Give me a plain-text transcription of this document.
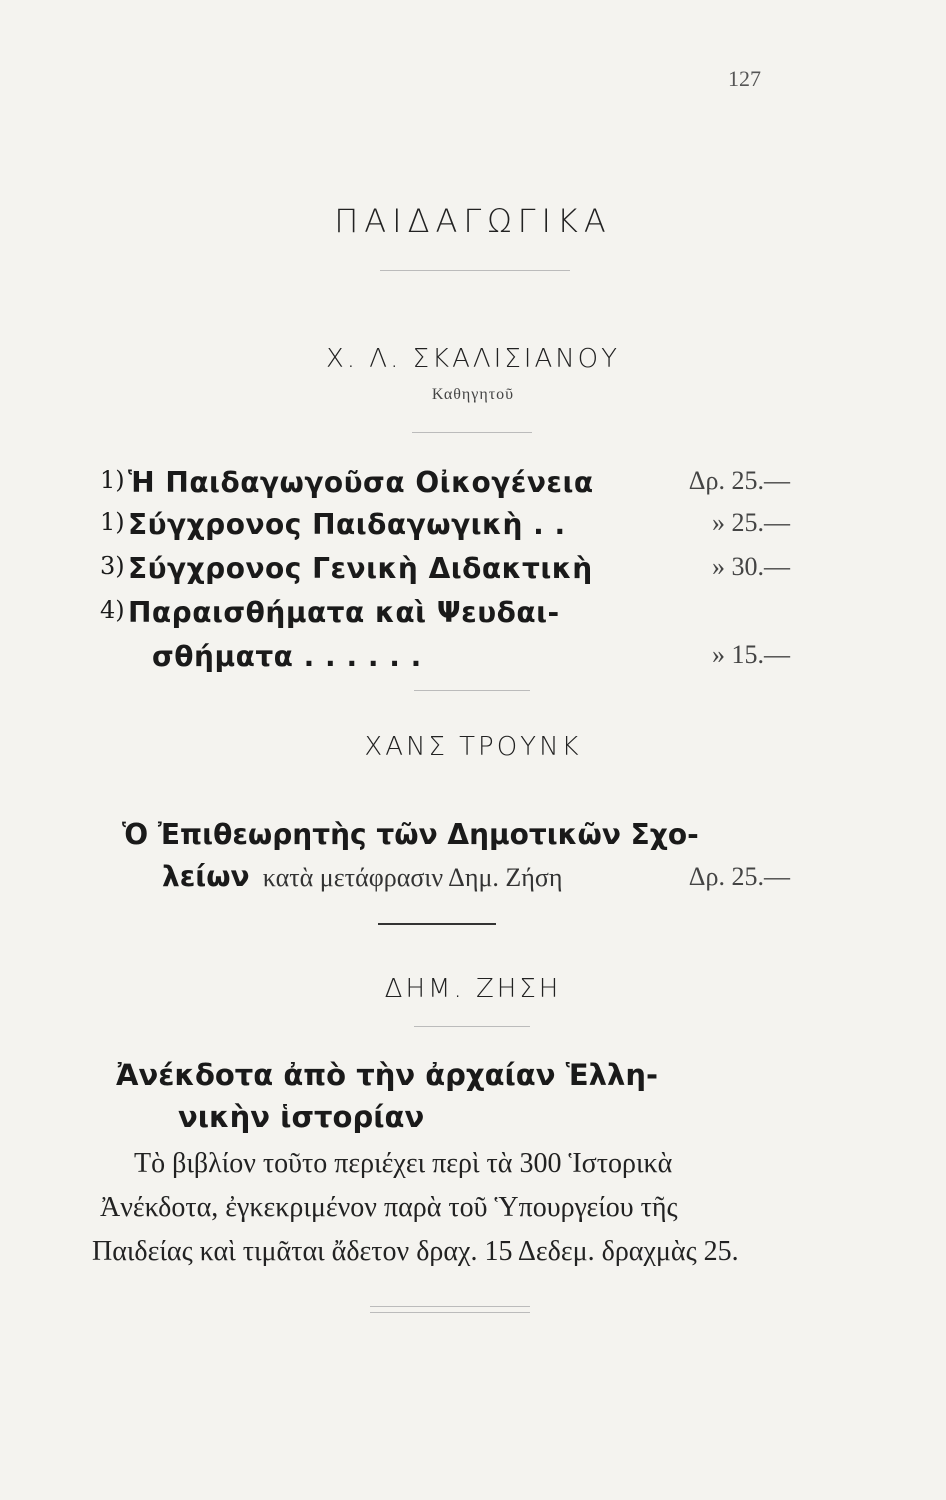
127
ΠΑΙΔΑΓΩΓΙΚΑ
Χ. Λ. ΣΚΑΛΙΣΙΑΝΟΥ
Καθηγητοῦ
1) Ἡ Παιδαγωγοῦσα Οἰκογένεια	Δρ. 25.—
1) Σύγχρονος Παιδαγωγικὴ . .	» 25.—
3) Σύγχρονος Γενικὴ Διδακτικὴ	» 30.—
4) Παραισθήματα καὶ Ψευδαι-
σθήματα . . . . . .	» 15.—
ΧΑΝΣ ΤΡΟΥΝΚ
Ὁ Ἐπιθεωρητὴς τῶν Δημοτικῶν Σχο-
λείων κατὰ μετάφρασιν Δημ. Ζήση	Δρ. 25.—
ΔΗΜ. ΖΗΣΗ
Ἀνέκδοτα ἀπὸ τὴν ἀρχαίαν Ἑλλη-
νικὴν ἱστορίαν
Τὸ βιβλίον τοῦτο περιέχει περὶ τὰ 300 Ἱστορικὰ
Ἀνέκδοτα, ἐγκεκριμένον παρὰ τοῦ Ὑπουργείου τῆς
Παιδείας καὶ τιμᾶται ἄδετον δραχ. 15 Δεδεμ. δραχμὰς 25.
